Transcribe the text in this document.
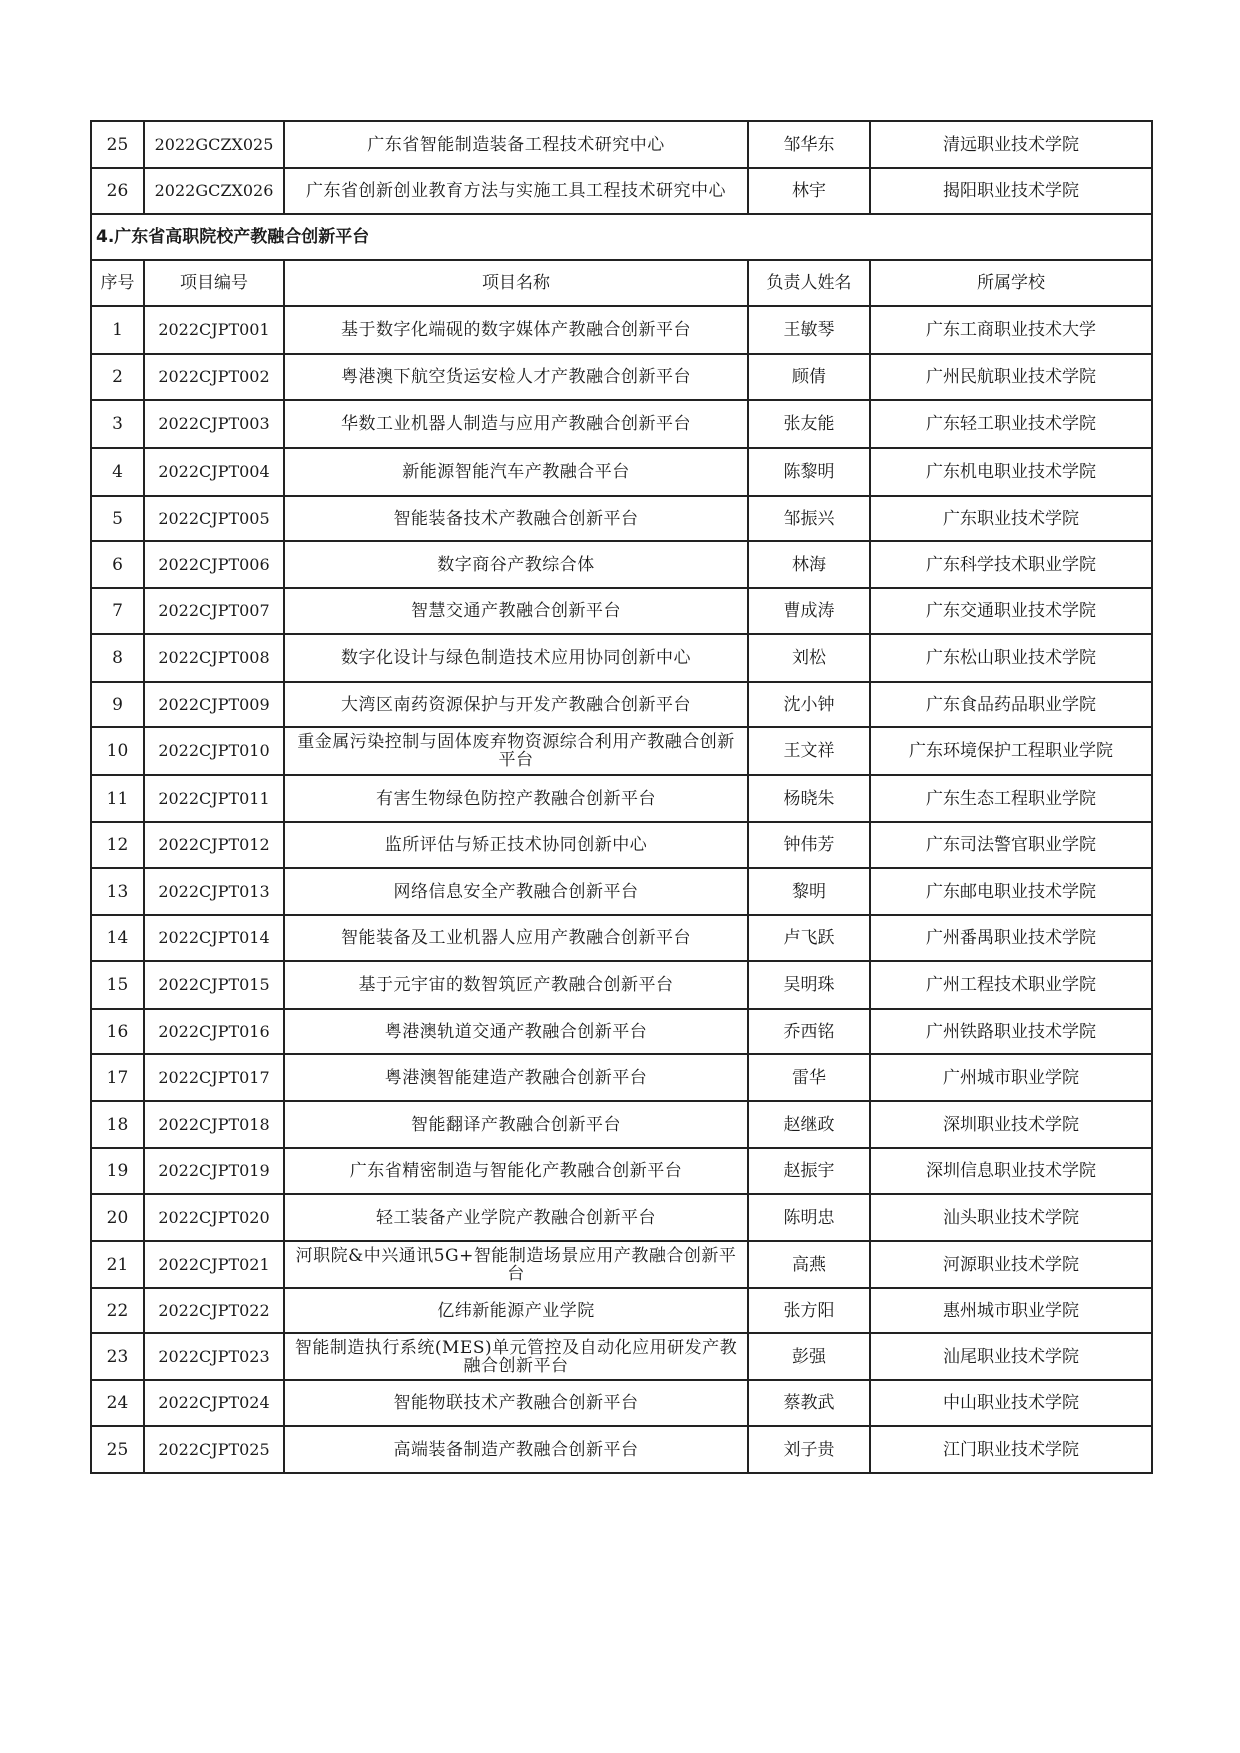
25	2022GCZX025	广东省智能制造装备工程技术研究中心	邹华东	清远职业技术学院
26	2022GCZX026	广东省创新创业教育方法与实施工具工程技术研究中心	林宇	揭阳职业技术学院
4.广东省高职院校产教融合创新平台				
序号	项目编号	项目名称	负责人姓名	所属学校
1	2022CJPT001	基于数字化端砚的数字媒体产教融合创新平台	王敏琴	广东工商职业技术大学
2	2022CJPT002	粤港澳下航空货运安检人才产教融合创新平台	顾倩	广州民航职业技术学院
3	2022CJPT003	华数工业机器人制造与应用产教融合创新平台	张友能	广东轻工职业技术学院
4	2022CJPT004	新能源智能汽车产教融合平台	陈黎明	广东机电职业技术学院
5	2022CJPT005	智能装备技术产教融合创新平台	邹振兴	广东职业技术学院
6	2022CJPT006	数字商谷产教综合体	林海	广东科学技术职业学院
7	2022CJPT007	智慧交通产教融合创新平台	曹成涛	广东交通职业技术学院
8	2022CJPT008	数字化设计与绿色制造技术应用协同创新中心	刘松	广东松山职业技术学院
9	2022CJPT009	大湾区南药资源保护与开发产教融合创新平台	沈小钟	广东食品药品职业学院
10	2022CJPT010	重金属污染控制与固体废弃物资源综合利用产教融合创新平台	王文祥	广东环境保护工程职业学院
11	2022CJPT011	有害生物绿色防控产教融合创新平台	杨晓朱	广东生态工程职业学院
12	2022CJPT012	监所评估与矫正技术协同创新中心	钟伟芳	广东司法警官职业学院
13	2022CJPT013	网络信息安全产教融合创新平台	黎明	广东邮电职业技术学院
14	2022CJPT014	智能装备及工业机器人应用产教融合创新平台	卢飞跃	广州番禺职业技术学院
15	2022CJPT015	基于元宇宙的数智筑匠产教融合创新平台	吴明珠	广州工程技术职业学院
16	2022CJPT016	粤港澳轨道交通产教融合创新平台	乔西铭	广州铁路职业技术学院
17	2022CJPT017	粤港澳智能建造产教融合创新平台	雷华	广州城市职业学院
18	2022CJPT018	智能翻译产教融合创新平台	赵继政	深圳职业技术学院
19	2022CJPT019	广东省精密制造与智能化产教融合创新平台	赵振宇	深圳信息职业技术学院
20	2022CJPT020	轻工装备产业学院产教融合创新平台	陈明忠	汕头职业技术学院
21	2022CJPT021	河职院&中兴通讯5G+智能制造场景应用产教融合创新平台	高燕	河源职业技术学院
22	2022CJPT022	亿纬新能源产业学院	张方阳	惠州城市职业学院
23	2022CJPT023	智能制造执行系统(MES)单元管控及自动化应用研发产教融合创新平台	彭强	汕尾职业技术学院
24	2022CJPT024	智能物联技术产教融合创新平台	蔡教武	中山职业技术学院
25	2022CJPT025	高端装备制造产教融合创新平台	刘子贵	江门职业技术学院
